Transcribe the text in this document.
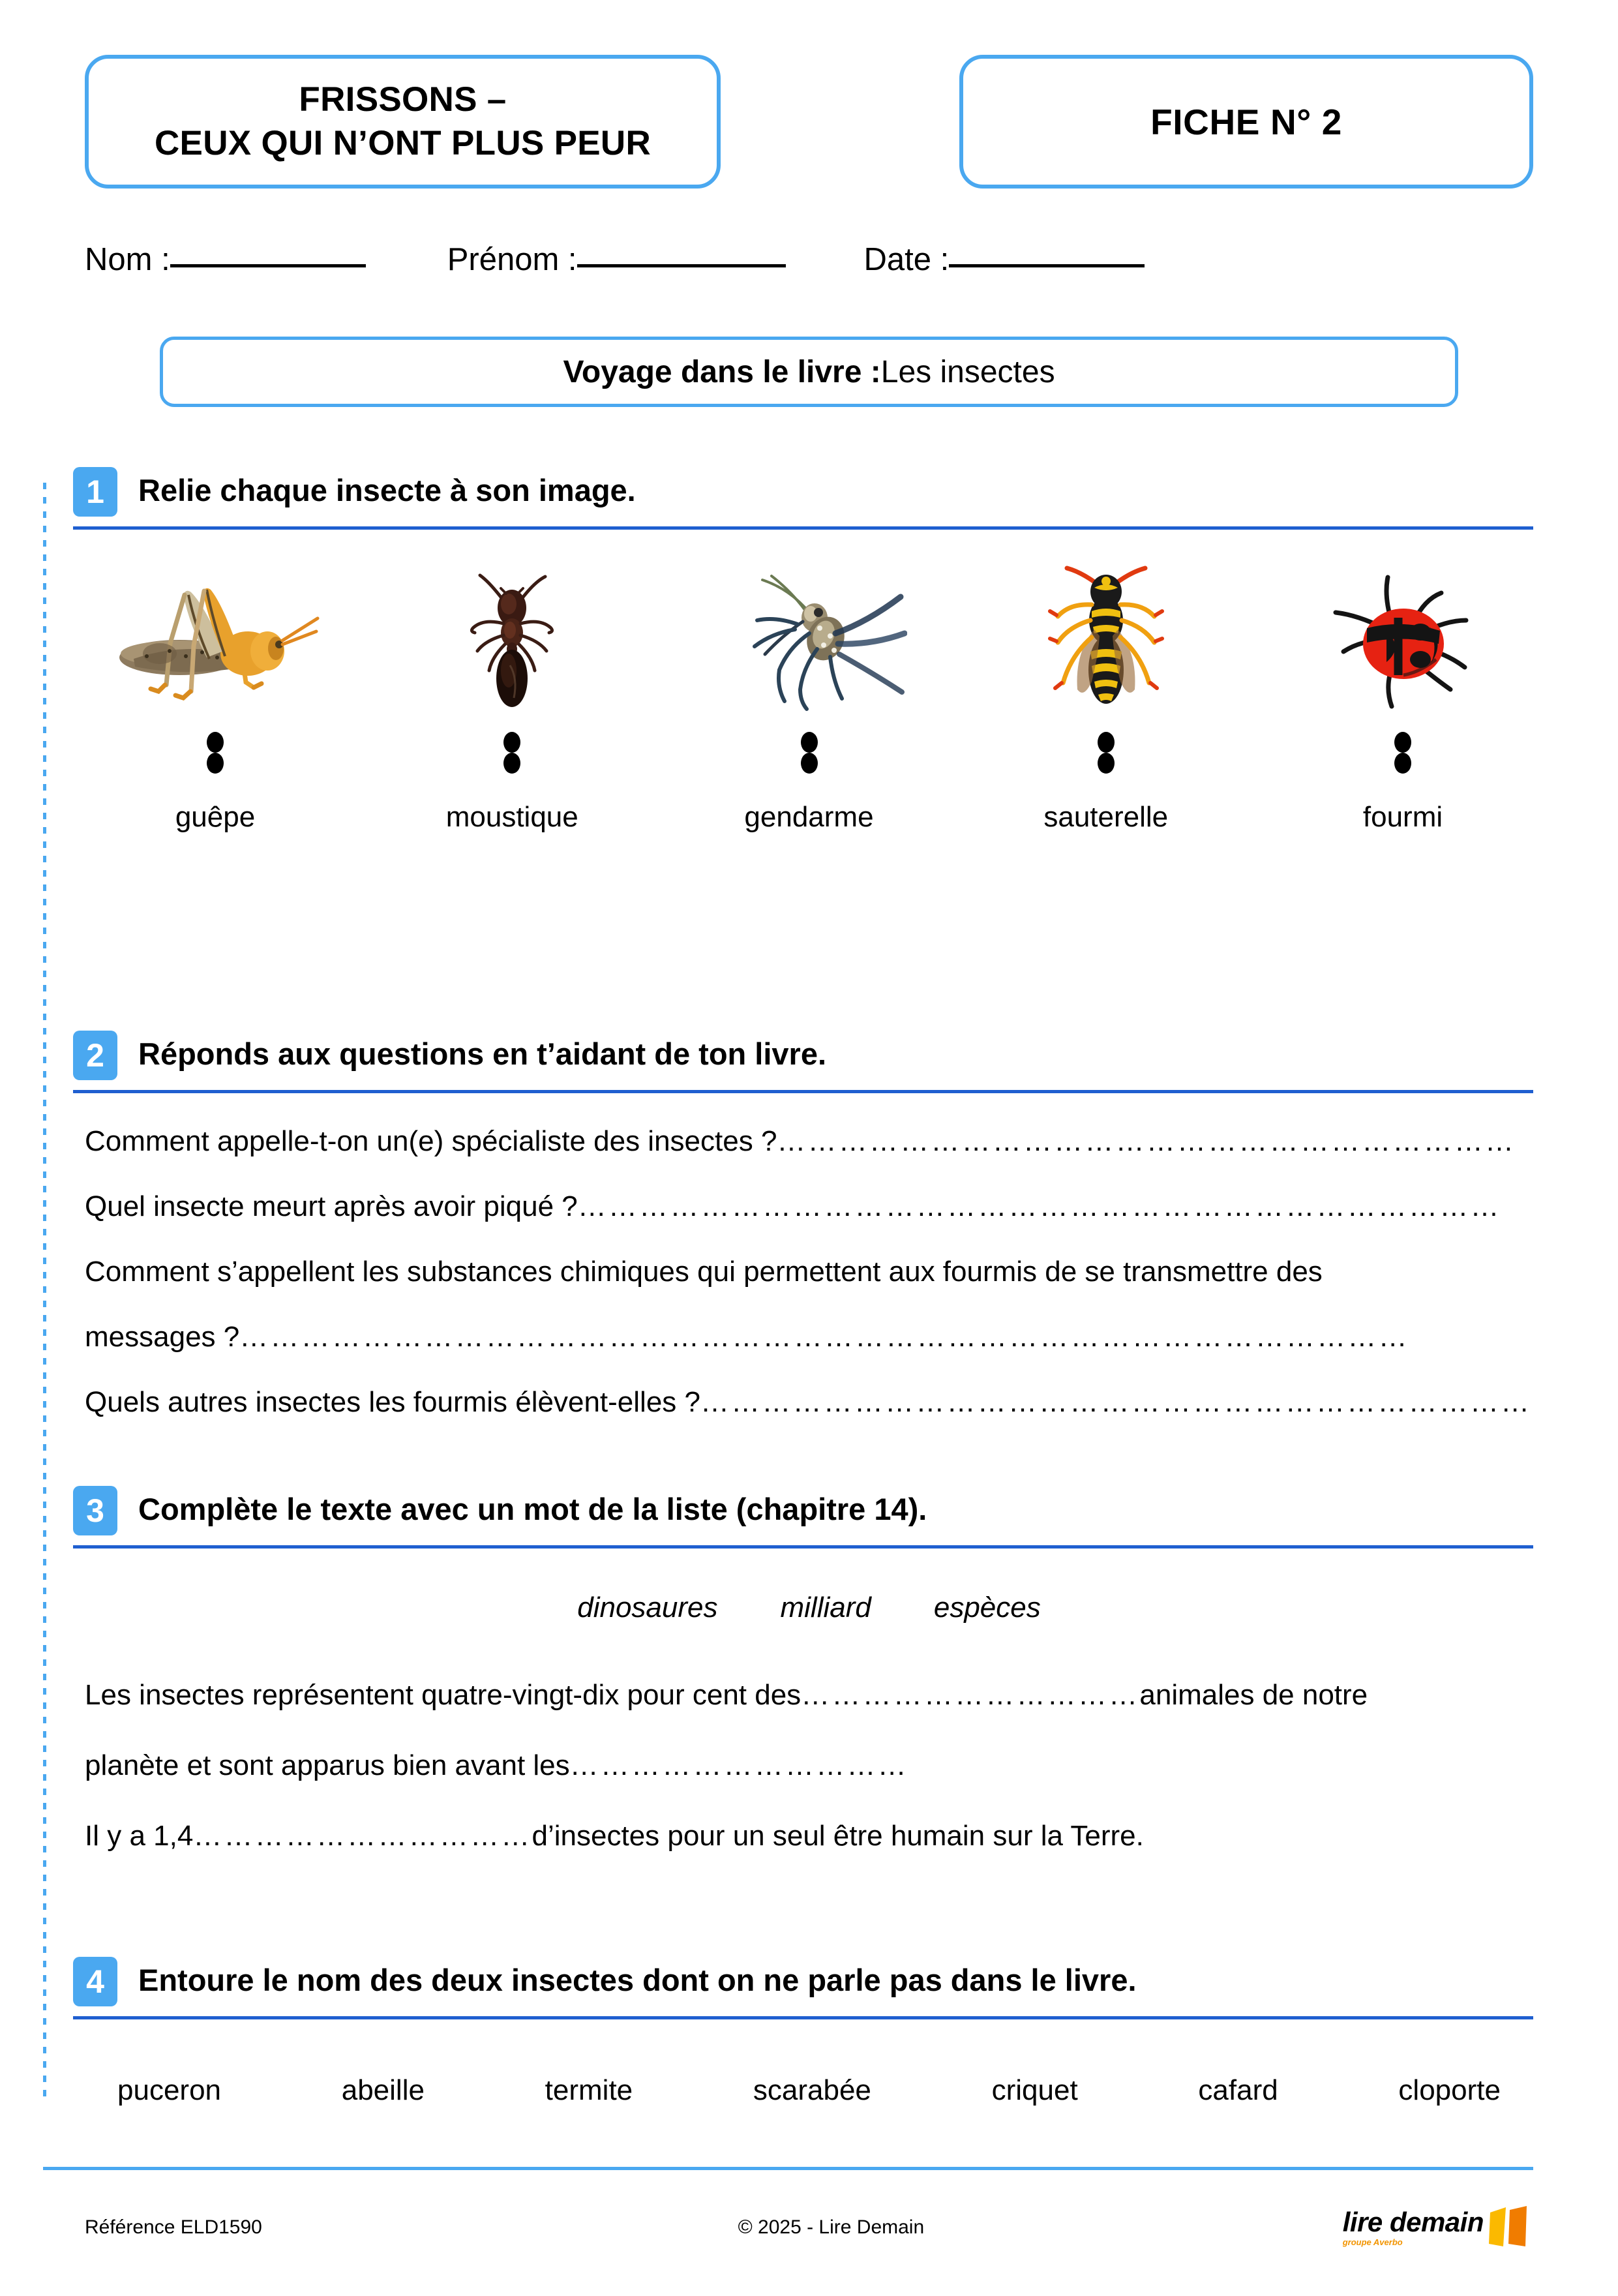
FRISSONS –
CEUX QUI N’ONT PLUS PEUR
FICHE N° 2
Nom :	Prénom :	Date :
Voyage dans le livre : Les insectes
1	Relie chaque insecte à son image.
guêpe	moustique	gendarme	sauterelle	fourmi
2	Réponds aux questions en t’aidant de ton livre.
Comment appelle-t-on un(e) spécialiste des insectes ?………………………………………………………………
Quel insecte meurt après avoir piqué ?………………………………………………………………………………
Comment s’appellent les substances chimiques qui permettent aux fourmis de se transmettre des
messages ?……………………………………………………………………………………………………
Quels autres insectes les fourmis élèvent-elles ?………………………………………………………………………
3	Complète le texte avec un mot de la liste (chapitre 14).
dinosaures milliard espèces

Les insectes représentent quatre-vingt-dix pour cent des……………………………animales de notre

planète et sont apparus bien avant les……………………………

Il y a 1,4……………………………d’insectes pour un seul être humain sur la Terre.

4	Entoure le nom des deux insectes dont on ne parle pas dans le livre.
puceron	abeille	termite	scarabée	criquet	cafard	cloporte
Référence ELD1590	© 2025 - Lire Demain	lire demain
groupe Averbo
